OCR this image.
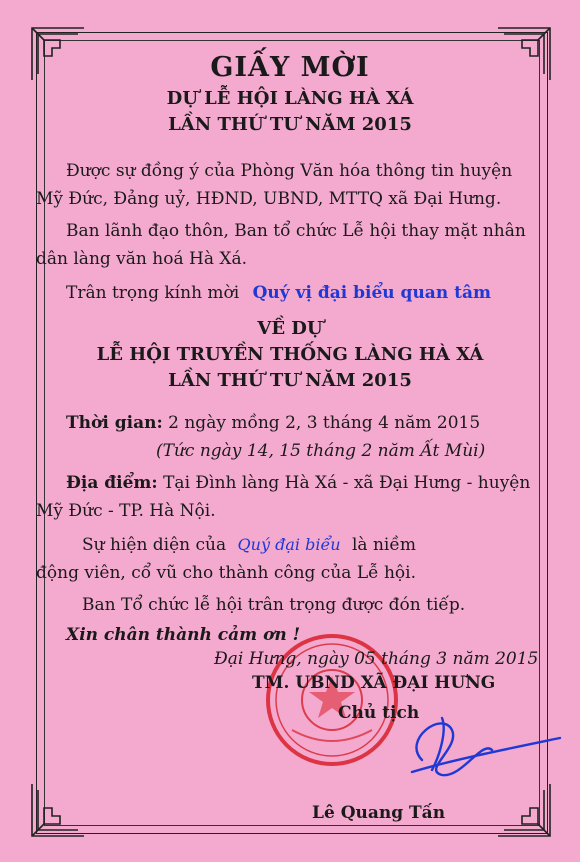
GIẤY MỜI
DỰ LỄ HỘI LÀNG HÀ XÁ
LẦN THỨ TƯ NĂM 2015
Được sự đồng ý của Phòng Văn hóa thông tin huyện
Mỹ Đức, Đảng uỷ, HĐND, UBND, MTTQ xã Đại Hưng.
Ban lãnh đạo thôn, Ban tổ chức Lễ hội thay mặt nhân
dân làng văn hoá Hà Xá.
Trân trọng kính mời Quý vị đại biểu quan tâm
VỀ DỰ
LỄ HỘI TRUYỀN THỐNG LÀNG HÀ XÁ
LẦN THỨ TƯ NĂM 2015
Thời gian: 2 ngày mồng 2, 3 tháng 4 năm 2015
(Tức ngày 14, 15 tháng 2 năm Ất Mùi)
Địa điểm: Tại Đình làng Hà Xá - xã Đại Hưng - huyện
Mỹ Đức - TP. Hà Nội.
Sự hiện diện của Quý đại biểu là niềm
động viên, cổ vũ cho thành công của Lễ hội.
Ban Tổ chức lễ hội trân trọng được đón tiếp.
Xin chân thành cảm ơn !
Đại Hưng, ngày 05 tháng 3 năm 2015
TM. UBND XÃ ĐẠI HƯNG
Chủ tịch
Lê Quang Tấn
